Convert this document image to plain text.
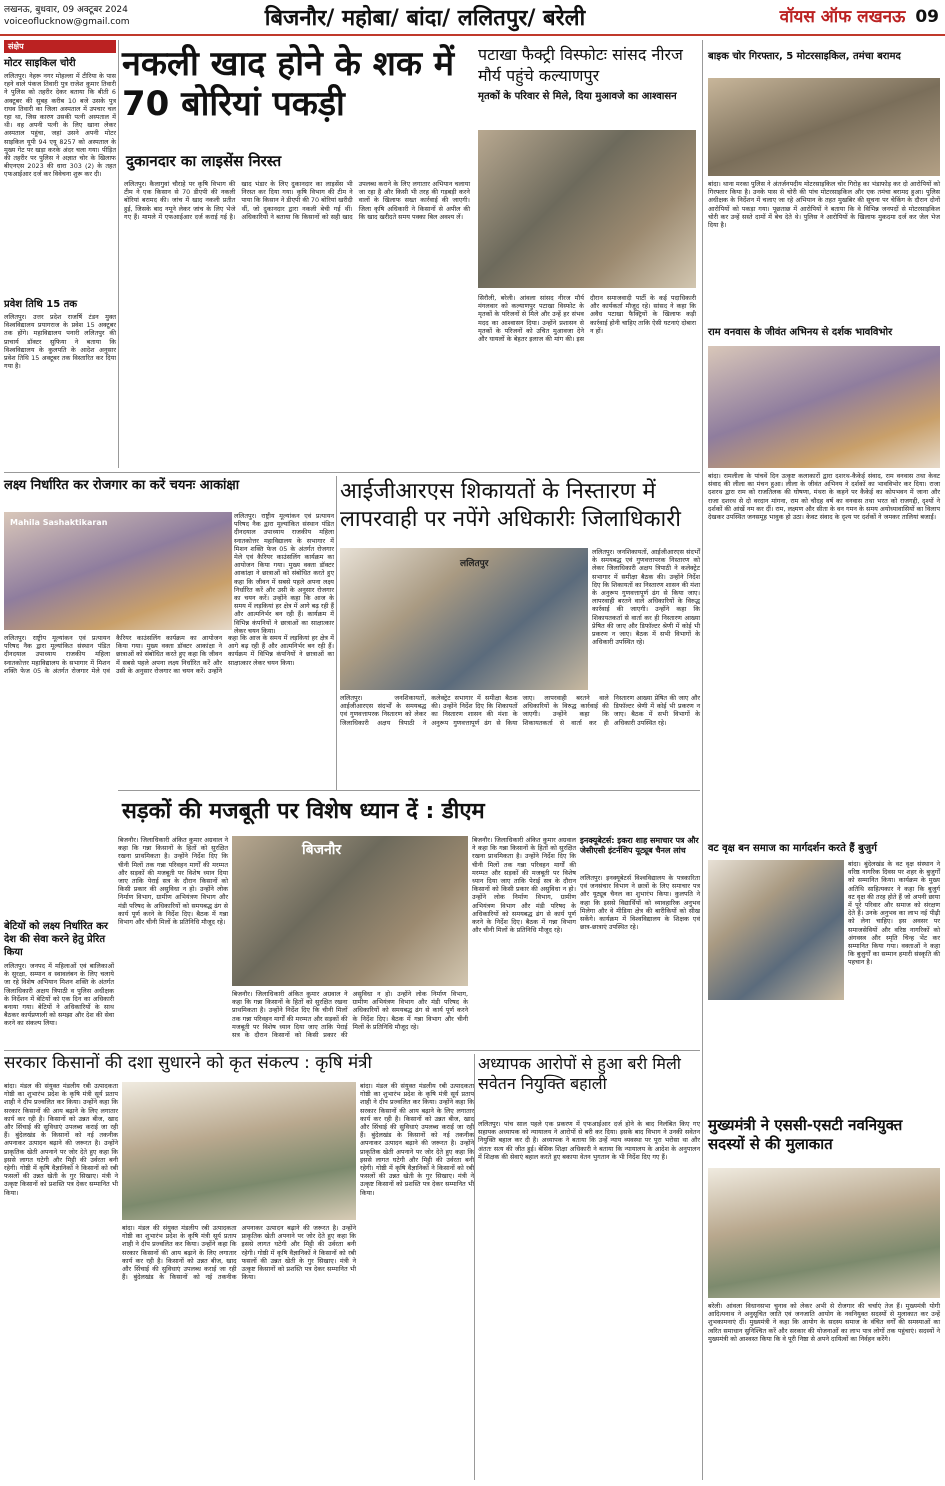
लखनऊ, बुधवार, 09 अक्टूबर 2024
voiceoflucknow@gmail.com	बिजनौर/ महोबा/ बांदा/ ललितपुर/ बरेली	वॉयस ऑफ लखनऊ 09
संक्षेप
मोटर साइकिल चोरी
ललितपुर। नेहरू नगर मोहल्ला में टीरिया के पास रहने वाले पंकज तिवारी पुत्र राजेश कुमार तिवारी ने पुलिस को तहरीर देकर बताया कि बीती 6 अक्टूबर की सुबह करीब 10 बजे उसके पुत्र राघव तिवारी का जिला अस्पताल में उपचार चल रहा था, जिस कारण उसकी पत्नी अस्पताल में थी। वह अपनी पत्नी के लिए खाना लेकर अस्पताल पहुंचा, जहां उसने अपनी मोटर साइकिल यूपी 94 एयू 8257 को अस्पताल के मुख्य गेट पर खड़ा करके अंदर चला गया। पीड़ित की तहरीर पर पुलिस ने अज्ञात चोर के खिलाफ बीएनएस 2023 की धारा 303 (2) के तहत एफआईआर दर्ज कर विवेचना शुरू कर दी।
प्रवेश तिथि 15 तक
ललितपुर। उत्तर प्रदेश राजर्षि टंडन मुक्त विश्वविद्यालय प्रयागराज के प्रवेश 15 अक्टूबर तक होंगे। महाविद्यालय पनारी ललितपुर की प्राचार्य डॉक्टर सुफिया ने बताया कि विश्वविद्यालय के कुलपति के आदेश अनुसार प्रवेश तिथि 15 अक्टूबर तक विस्तारित कर दिया गया है।
नकली खाद होने के शक में 70 बोरियां पकड़ी
दुकानदार का लाइसेंस निरस्त
ललितपुर। कैलागुवां चौराहे पर कृषि विभाग की टीम ने एक किसान से 70 डीएपी की नकली बोरियां बरामद की। जांच में खाद नकली प्रतीत हुई, जिसके बाद नमूने लेकर जांच के लिए भेजे गए हैं। मामले में एफआईआर दर्ज कराई गई है। खाद भंडार के लिए दुकानदार का लाइसेंस भी निरस्त कर दिया गया। कृषि विभाग की टीम ने पाया कि किसान ने डीएपी की 70 बोरियां खरीदी थीं, जो दुकानदार द्वारा नकली बेची गई थीं। अधिकारियों ने बताया कि किसानों को सही खाद उपलब्ध कराने के लिए लगातार अभियान चलाया जा रहा है और किसी भी तरह की गड़बड़ी करने वालों के खिलाफ सख्त कार्रवाई की जाएगी। जिला कृषि अधिकारी ने किसानों से अपील की कि खाद खरीदते समय पक्का बिल अवश्य लें।
पटाखा फैक्ट्री विस्फोटः सांसद नीरज मौर्य पहुंचे कल्याणपुर
मृतकों के परिवार से मिले, दिया मुआवजे का आश्वासन
सिरौली, बरेली। आंवला सांसद नीरज मौर्य मंगलवार को कल्याणपुर पटाखा विस्फोट के मृतकों के परिजनों से मिले और उन्हें हर संभव मदद का आश्वासन दिया। उन्होंने प्रशासन से मृतकों के परिजनों को उचित मुआवजा देने और घायलों के बेहतर इलाज की मांग की। इस दौरान समाजवादी पार्टी के कई पदाधिकारी और कार्यकर्ता मौजूद रहे। सांसद ने कहा कि अवैध पटाखा फैक्ट्रियों के खिलाफ कड़ी कार्रवाई होनी चाहिए ताकि ऐसी घटनाएं दोबारा न हों।
बाइक चोर गिरफ्तार, 5 मोटरसाइकिल, तमंचा बरामद
बांदा। थाना मरका पुलिस ने अंतर्जनपदीय मोटरसाइकिल चोर गिरोह का भंडाफोड़ कर दो आरोपियों को गिरफ्तार किया है। उनके पास से चोरी की पांच मोटरसाइकिल और एक तमंचा बरामद हुआ। पुलिस अधीक्षक के निर्देशन में चलाए जा रहे अभियान के तहत मुखबिर की सूचना पर चेकिंग के दौरान दोनों आरोपियों को पकड़ा गया। पूछताछ में आरोपियों ने बताया कि वे विभिन्न जनपदों से मोटरसाइकिल चोरी कर उन्हें सस्ते दामों में बेच देते थे। पुलिस ने आरोपियों के खिलाफ मुकदमा दर्ज कर जेल भेज दिया है।
राम वनवास के जीवंत अभिनय से दर्शक भावविभोर
बांदा। रामलीला के पांचवें दिन उत्कृष्ट कलाकारों द्वारा दशरथ-कैकेई संवाद, राम वनवास तथा केवट संवाद की लीला का मंचन हुआ। लीला के जीवंत अभिनय ने दर्शकों का भावविभोर कर दिया। राजा दशरथ द्वारा राम को राजतिलक की घोषणा, मंथरा के कहने पर कैकेई का कोपभवन में जाना और राजा दशरथ से दो वरदान मांगना, राम को चौदह वर्ष का वनवास तथा भरत को राजगद्दी, दृश्यों ने दर्शकों की आंखें नम कर दीं। राम, लक्ष्मण और सीता के वन गमन के समय अयोध्यावासियों का विलाप देखकर उपस्थित जनसमूह भावुक हो उठा। केवट संवाद के दृश्य पर दर्शकों ने जमकर तालियां बजाईं।
वट वृक्ष बन समाज का मार्गदर्शन करते हैं बुजुर्ग
बांदा। बुंदेलखंड के वट वृक्ष संस्थान ने वरिष्ठ नागरिक दिवस पर शहर के बुजुर्गों को सम्मानित किया। कार्यक्रम के मुख्य अतिथि साहित्यकार ने कहा कि बुजुर्ग वट वृक्ष की तरह होते हैं जो अपनी छाया में पूरे परिवार और समाज को संरक्षण देते हैं। उनके अनुभव का लाभ नई पीढ़ी को लेना चाहिए। इस अवसर पर समाजसेवियों और वरिष्ठ नागरिकों को अंगवस्त्र और स्मृति चिन्ह भेंट कर सम्मानित किया गया। वक्ताओं ने कहा कि बुजुर्गों का सम्मान हमारी संस्कृति की पहचान है।
मुख्यमंत्री ने एससी-एसटी नवनियुक्त सदस्यों से की मुलाकात
बरेली। आंवला विधानसभा चुनाव को लेकर अभी से रोजगार की चर्चाएं तेज हैं। मुख्यमंत्री योगी आदित्यनाथ ने अनुसूचित जाति एवं जनजाति आयोग के नवनियुक्त सदस्यों से मुलाकात कर उन्हें शुभकामनाएं दीं। मुख्यमंत्री ने कहा कि आयोग के सदस्य समाज के वंचित वर्गों की समस्याओं का त्वरित समाधान सुनिश्चित करें और सरकार की योजनाओं का लाभ पात्र लोगों तक पहुंचाएं। सदस्यों ने मुख्यमंत्री को आश्वस्त किया कि वे पूरी निष्ठा से अपने दायित्वों का निर्वहन करेंगे।
लक्ष्य निर्धारित कर रोजगार का करें चयनः आकांक्षा
Mahila Sashaktikaran
ललितपुर। राष्ट्रीय मूल्यांकन एवं प्रत्यायन परिषद नैक द्वारा मूल्यांकित संस्थान पंडित दीनदयाल उपाध्याय राजकीय महिला स्नातकोत्तर महाविद्यालय के सभागार में मिशन शक्ति फेज 05 के अंतर्गत रोजगार मेले एवं कैरियर काउंसलिंग कार्यक्रम का आयोजन किया गया। मुख्य वक्ता डॉक्टर आकांक्षा ने छात्राओं को संबोधित करते हुए कहा कि जीवन में सबसे पहले अपना लक्ष्य निर्धारित करें और उसी के अनुसार रोजगार का चयन करें। उन्होंने कहा कि आज के समय में लड़कियां हर क्षेत्र में आगे बढ़ रही हैं और आत्मनिर्भर बन रही हैं। कार्यक्रम में विभिन्न कंपनियों ने छात्राओं का साक्षात्कार लेकर चयन किया।
ललितपुर। राष्ट्रीय मूल्यांकन एवं प्रत्यायन परिषद नैक द्वारा मूल्यांकित संस्थान पंडित दीनदयाल उपाध्याय राजकीय महिला स्नातकोत्तर महाविद्यालय के सभागार में मिशन शक्ति फेज 05 के अंतर्गत रोजगार मेले एवं कैरियर काउंसलिंग कार्यक्रम का आयोजन किया गया। मुख्य वक्ता डॉक्टर आकांक्षा ने छात्राओं को संबोधित करते हुए कहा कि जीवन में सबसे पहले अपना लक्ष्य निर्धारित करें और उसी के अनुसार रोजगार का चयन करें। उन्होंने कहा कि आज के समय में लड़कियां हर क्षेत्र में आगे बढ़ रही हैं और आत्मनिर्भर बन रही हैं। कार्यक्रम में विभिन्न कंपनियों ने छात्राओं का साक्षात्कार लेकर चयन किया।
बेटियों को लक्ष्य निर्धारित कर देश की सेवा करने हेतु प्रेरित किया
ललितपुर। जनपद में महिलाओं एवं बालिकाओं के सुरक्षा, सम्मान व स्वावलंबन के लिए चलाये जा रहे विशेष अभियान मिशन शक्ति के अंतर्गत जिलाधिकारी अक्षय त्रिपाठी व पुलिस अधीक्षक के निर्देशन में बेटियों को एक दिन का अधिकारी बनाया गया। बेटियों ने अधिकारियों के साथ बैठकर कार्यप्रणाली को समझा और देश की सेवा करने का संकल्प लिया।
आईजीआरएस शिकायतों के निस्तारण में लापरवाही पर नपेंगे अधिकारीः जिलाधिकारी
ललितपुर
ललितपुर। जनशिकायतों, आईजीआरएस संदर्भों के समयबद्ध एवं गुणवत्तापरक निस्तारण को लेकर जिलाधिकारी अक्षय त्रिपाठी ने कलेक्ट्रेट सभागार में समीक्षा बैठक की। उन्होंने निर्देश दिए कि शिकायतों का निस्तारण शासन की मंशा के अनुरूप गुणवत्तापूर्ण ढंग से किया जाए। लापरवाही बरतने वाले अधिकारियों के विरुद्ध कार्रवाई की जाएगी। उन्होंने कहा कि शिकायतकर्ता से वार्ता कर ही निस्तारण आख्या प्रेषित की जाए और डिफॉल्टर श्रेणी में कोई भी प्रकरण न जाए। बैठक में सभी विभागों के अधिकारी उपस्थित रहे।
ललितपुर। जनशिकायतों, आईजीआरएस संदर्भों के समयबद्ध एवं गुणवत्तापरक निस्तारण को लेकर जिलाधिकारी अक्षय त्रिपाठी ने कलेक्ट्रेट सभागार में समीक्षा बैठक की। उन्होंने निर्देश दिए कि शिकायतों का निस्तारण शासन की मंशा के अनुरूप गुणवत्तापूर्ण ढंग से किया जाए। लापरवाही बरतने वाले अधिकारियों के विरुद्ध कार्रवाई की जाएगी। उन्होंने कहा कि शिकायतकर्ता से वार्ता कर ही निस्तारण आख्या प्रेषित की जाए और डिफॉल्टर श्रेणी में कोई भी प्रकरण न जाए। बैठक में सभी विभागों के अधिकारी उपस्थित रहे।
सड़कों की मजबूती पर विशेष ध्यान दें : डीएम
बिजनौर। जिलाधिकारी अंकित कुमार अग्रवाल ने कहा कि गन्ना किसानों के हितों को सुरक्षित रखना प्राथमिकता है। उन्होंने निर्देश दिए कि चीनी मिलों तक गन्ना परिवहन मार्गों की मरम्मत और सड़कों की मजबूती पर विशेष ध्यान दिया जाए ताकि पेराई सत्र के दौरान किसानों को किसी प्रकार की असुविधा न हो। उन्होंने लोक निर्माण विभाग, ग्रामीण अभियंत्रण विभाग और मंडी परिषद के अधिकारियों को समयबद्ध ढंग से कार्य पूर्ण करने के निर्देश दिए। बैठक में गन्ना विभाग और चीनी मिलों के प्रतिनिधि मौजूद रहे।
बिजनौर
बिजनौर। जिलाधिकारी अंकित कुमार अग्रवाल ने कहा कि गन्ना किसानों के हितों को सुरक्षित रखना प्राथमिकता है। उन्होंने निर्देश दिए कि चीनी मिलों तक गन्ना परिवहन मार्गों की मरम्मत और सड़कों की मजबूती पर विशेष ध्यान दिया जाए ताकि पेराई सत्र के दौरान किसानों को किसी प्रकार की असुविधा न हो। उन्होंने लोक निर्माण विभाग, ग्रामीण अभियंत्रण विभाग और मंडी परिषद के अधिकारियों को समयबद्ध ढंग से कार्य पूर्ण करने के निर्देश दिए। बैठक में गन्ना विभाग और चीनी मिलों के प्रतिनिधि मौजूद रहे।
बिजनौर। जिलाधिकारी अंकित कुमार अग्रवाल ने कहा कि गन्ना किसानों के हितों को सुरक्षित रखना प्राथमिकता है। उन्होंने निर्देश दिए कि चीनी मिलों तक गन्ना परिवहन मार्गों की मरम्मत और सड़कों की मजबूती पर विशेष ध्यान दिया जाए ताकि पेराई सत्र के दौरान किसानों को किसी प्रकार की असुविधा न हो। उन्होंने लोक निर्माण विभाग, ग्रामीण अभियंत्रण विभाग और मंडी परिषद के अधिकारियों को समयबद्ध ढंग से कार्य पूर्ण करने के निर्देश दिए। बैठक में गन्ना विभाग और चीनी मिलों के प्रतिनिधि मौजूद रहे।
इनक्यूबेटर्स: इकरा शाह समाचार पत्र और जेसीएसी इंटर्नशिप यूट्यूब चैनल लांच
ललितपुर। इनक्यूबेटर्स विश्वविद्यालय के पत्रकारिता एवं जनसंचार विभाग ने छात्रों के लिए समाचार पत्र और यूट्यूब चैनल का शुभारंभ किया। कुलपति ने कहा कि इससे विद्यार्थियों को व्यावहारिक अनुभव मिलेगा और वे मीडिया क्षेत्र की बारीकियों को सीख सकेंगे। कार्यक्रम में विश्वविद्यालय के शिक्षक एवं छात्र-छात्राएं उपस्थित रहे।
सरकार किसानों की दशा सुधारने को कृत संकल्प : कृषि मंत्री
बांदा। मंडल की संयुक्त मंडलीय रबी उत्पादकता गोष्ठी का शुभारंभ प्रदेश के कृषि मंत्री सूर्य प्रताप शाही ने दीप प्रज्वलित कर किया। उन्होंने कहा कि सरकार किसानों की आय बढ़ाने के लिए लगातार कार्य कर रही है। किसानों को उन्नत बीज, खाद और सिंचाई की सुविधाएं उपलब्ध कराई जा रही हैं। बुंदेलखंड के किसानों को नई तकनीक अपनाकर उत्पादन बढ़ाने की जरूरत है। उन्होंने प्राकृतिक खेती अपनाने पर जोर देते हुए कहा कि इससे लागत घटेगी और मिट्टी की उर्वरता बनी रहेगी। गोष्ठी में कृषि वैज्ञानिकों ने किसानों को रबी फसलों की उन्नत खेती के गुर सिखाए। मंत्री ने उत्कृष्ट किसानों को प्रशस्ति पत्र देकर सम्मानित भी किया।
बांदा। मंडल की संयुक्त मंडलीय रबी उत्पादकता गोष्ठी का शुभारंभ प्रदेश के कृषि मंत्री सूर्य प्रताप शाही ने दीप प्रज्वलित कर किया। उन्होंने कहा कि सरकार किसानों की आय बढ़ाने के लिए लगातार कार्य कर रही है। किसानों को उन्नत बीज, खाद और सिंचाई की सुविधाएं उपलब्ध कराई जा रही हैं। बुंदेलखंड के किसानों को नई तकनीक अपनाकर उत्पादन बढ़ाने की जरूरत है। उन्होंने प्राकृतिक खेती अपनाने पर जोर देते हुए कहा कि इससे लागत घटेगी और मिट्टी की उर्वरता बनी रहेगी। गोष्ठी में कृषि वैज्ञानिकों ने किसानों को रबी फसलों की उन्नत खेती के गुर सिखाए। मंत्री ने उत्कृष्ट किसानों को प्रशस्ति पत्र देकर सम्मानित भी किया।
बांदा। मंडल की संयुक्त मंडलीय रबी उत्पादकता गोष्ठी का शुभारंभ प्रदेश के कृषि मंत्री सूर्य प्रताप शाही ने दीप प्रज्वलित कर किया। उन्होंने कहा कि सरकार किसानों की आय बढ़ाने के लिए लगातार कार्य कर रही है। किसानों को उन्नत बीज, खाद और सिंचाई की सुविधाएं उपलब्ध कराई जा रही हैं। बुंदेलखंड के किसानों को नई तकनीक अपनाकर उत्पादन बढ़ाने की जरूरत है। उन्होंने प्राकृतिक खेती अपनाने पर जोर देते हुए कहा कि इससे लागत घटेगी और मिट्टी की उर्वरता बनी रहेगी। गोष्ठी में कृषि वैज्ञानिकों ने किसानों को रबी फसलों की उन्नत खेती के गुर सिखाए। मंत्री ने उत्कृष्ट किसानों को प्रशस्ति पत्र देकर सम्मानित भी किया।
अध्यापक आरोपों से हुआ बरी मिली सवेतन नियुक्ति बहाली
ललितपुर। पांच साल पहले एक प्रकरण में एफआईआर दर्ज होने के बाद निलंबित किए गए सहायक अध्यापक को न्यायालय ने आरोपों से बरी कर दिया। इसके बाद विभाग ने उनकी सवेतन नियुक्ति बहाल कर दी है। अध्यापक ने बताया कि उन्हें न्याय व्यवस्था पर पूरा भरोसा था और अंततः सत्य की जीत हुई। बेसिक शिक्षा अधिकारी ने बताया कि न्यायालय के आदेश के अनुपालन में शिक्षक की सेवाएं बहाल करते हुए बकाया वेतन भुगतान के भी निर्देश दिए गए हैं।
